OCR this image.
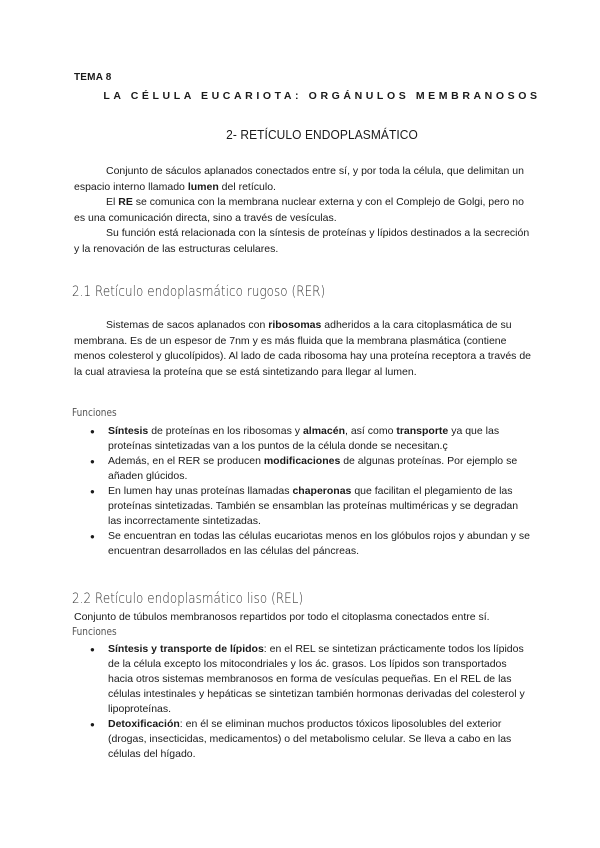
TEMA 8
LA CÉLULA EUCARIOTA: ORGÁNULOS MEMBRANOSOS
2- RETÍCULO ENDOPLASMÁTICO

Conjunto de sáculos aplanados conectados entre sí, y por toda la célula, que delimitan un espacio interno llamado lumen del retículo.

El RE se comunica con la membrana nuclear externa y con el Complejo de Golgi, pero no es una comunicación directa, sino a través de vesículas.

Su función está relacionada con la síntesis de proteínas y lípidos destinados a la secreción y la renovación de las estructuras celulares.

2.1 Retículo endoplasmático rugoso (RER)

Sistemas de sacos aplanados con ribosomas adheridos a la cara citoplasmática de su membrana. Es de un espesor de 7nm y es más fluida que la membrana plasmática (contiene menos colesterol y glucolípidos). Al lado de cada ribosoma hay una proteína receptora a través de la cual atraviesa la proteína que se está sintetizando para llegar al lumen.

Funciones
● Síntesis de proteínas en los ribosomas y almacén, así como transporte ya que las proteínas sintetizadas van a los puntos de la célula donde se necesitan.ç
● Además, en el RER se producen modificaciones de algunas proteínas. Por ejemplo se añaden glúcidos.
● En lumen hay unas proteínas llamadas chaperonas que facilitan el plegamiento de las proteínas sintetizadas. También se ensamblan las proteínas multiméricas y se degradan las incorrectamente sintetizadas.
● Se encuentran en todas las células eucariotas menos en los glóbulos rojos y abundan y se encuentran desarrollados en las células del páncreas.
2.2 Retículo endoplasmático liso (REL)
Conjunto de túbulos membranosos repartidos por todo el citoplasma conectados entre sí.
Funciones
● Síntesis y transporte de lípidos: en el REL se sintetizan prácticamente todos los lípidos de la célula excepto los mitocondriales y los ác. grasos. Los lípidos son transportados hacia otros sistemas membranosos en forma de vesículas pequeñas. En el REL de las células intestinales y hepáticas se sintetizan también hormonas derivadas del colesterol y lipoproteínas.
● Detoxificación: en él se eliminan muchos productos tóxicos liposolubles del exterior (drogas, insecticidas, medicamentos) o del metabolismo celular. Se lleva a cabo en las células del hígado.
